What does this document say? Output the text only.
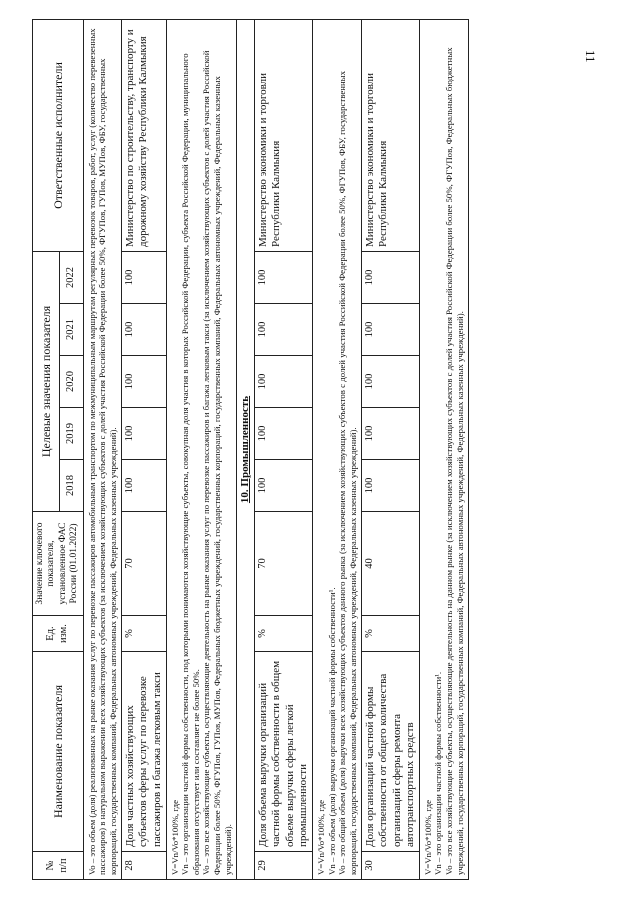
11
№ п/п	Наименование показателя	Ед. изм.	Значение ключевого показателя, установленное ФАС России (01.01.2022)	Целевые значения показателя					Ответственные исполнители
				2018	2019	2020	2021	2022	
Vo – это объем (доля) реализованных на рынке оказания услуг по перевозке пассажиров автомобильным транспортом по межмуниципальным маршрутам регулярных перевозок товаров, работ, услуг (количество перевезенных пассажиров) в натуральном выражении всех хозяйствующих субъектов (за исключением хозяйствующих субъектов с долей участия Российской Федерации более 50%, ФГУПов, ГУПов, МУПов, ФБУ, государственных корпораций, государственных компаний, Федеральных автономных учреждений, Федеральных казенных учреждений).									
28	Доля частных хозяйствующих субъектов сферы услуг по перевозке пассажиров и багажа легковым такси	%	70	100	100	100	100	100	Министерство по строительству, транспорту и дорожному хозяйству Республики Калмыкия

V=Vn/Vo*100%, где Vn – это организации частной формы собственности, под которыми понимаются хозяйствующие субъекты, совокупная доля участия в которых Российской Федерации, субъекта Российской Федерации, муниципального образования отсутствует или составляет не более 50%. Vo – это все хозяйствующие субъекты, осуществляющие деятельность на рынке оказания услуг по перевозке пассажиров и багажа легковым такси (за исключением хозяйствующих субъектов с долей участия Российской Федерации более 50%, ФГУПов, ГУПов, МУПов, Федеральных бюджетных учреждений, государственных корпораций, государственных компаний, Федеральных автономных учреждений, Федеральных казенных учреждений).									

10. Промышленность									
29	Доля объема выручки организаций частной формы собственности в общем объеме выручки сферы легкой промышленности	%	70	100	100	100	100	100	Министерство экономики и торговли Республики Калмыкия

V=Vn/Vo*100%, где Vn – это объем (доля) выручки организаций частной формы собственности¹. Vo – это общий объем (доля) выручки всех хозяйствующих субъектов данного рынка (за исключением хозяйствующих субъектов с долей участия Российской Федерации более 50%, ФГУПов, ФБУ, государственных корпораций, государственных компаний, Федеральных автономных учреждений, Федеральных казенных учреждений).									

30	Доля организаций частной формы собственности от общего количества организаций сферы ремонта автотранспортных средств	%	40	100	100	100	100	100	Министерство экономики и торговли Республики Калмыкия

V=Vn/Vo*100%, где Vn – это организации частной формы собственности¹. Vo – это все хозяйствующие субъекты, осуществляющие деятельность на данном рынке (за исключением хозяйствующих субъектов с долей участия Российской Федерации более 50%, ФГУПов, Федеральных бюджетных учреждений, государственных корпораций, государственных компаний, Федеральных автономных учреждений, Федеральных казенных учреждений).									
